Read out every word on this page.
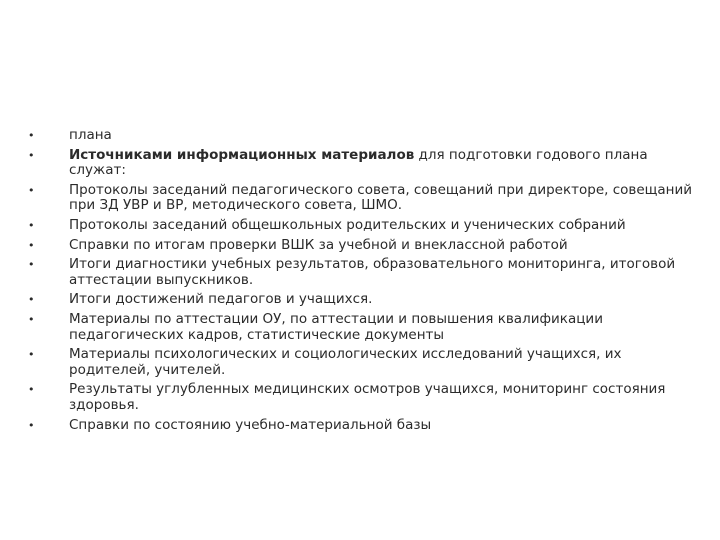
•	плана
•	Источниками информационных материалов для подготовки годового плана служат:
•	Протоколы заседаний педагогического совета, совещаний при директоре, совещаний при ЗД УВР и ВР, методического совета, ШМО.
•	Протоколы заседаний общешкольных родительских и ученических собраний
•	Справки по итогам проверки ВШК за учебной и внеклассной работой
•	Итоги диагностики учебных результатов, образовательного мониторинга, итоговой аттестации выпускников.
•	Итоги достижений педагогов и учащихся.
•	Материалы по аттестации ОУ, по аттестации и повышения квалификации педагогических кадров, статистические документы
•	Материалы психологических и социологических исследований учащихся, их родителей, учителей.
•	Результаты углубленных медицинских осмотров учащихся, мониторинг состояния здоровья.
•	Справки по состоянию учебно-материальной базы
